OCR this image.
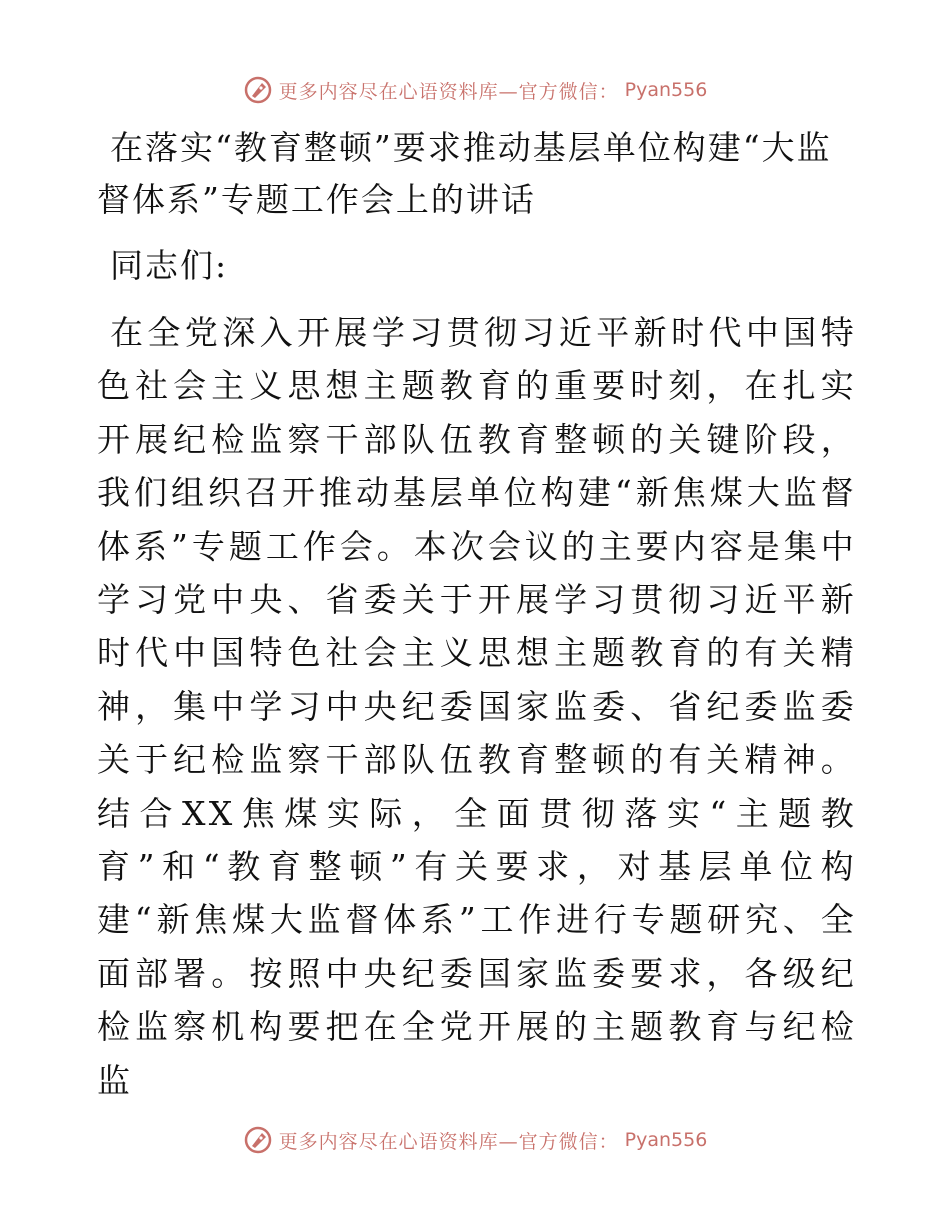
更多内容尽在心语资料库—官方微信： Pyan556
在落实“教育整顿”要求推动基层单位构建“大监督体系”专题工作会上的讲话

同志们:

在全党深入开展学习贯彻习近平新时代中国特色社会主义思想主题教育的重要时刻，在扎实开展纪检监察干部队伍教育整顿的关键阶段，我们组织召开推动基层单位构建“新焦煤大监督体系”专题工作会。本次会议的主要内容是集中学习党中央、省委关于开展学习贯彻习近平新时代中国特色社会主义思想主题教育的有关精神，集中学习中央纪委国家监委、省纪委监委关于纪检监察干部队伍教育整顿的有关精神。结合XX焦煤实际，全面贯彻落实“主题教育”和“教育整顿”有关要求，对基层单位构建“新焦煤大监督体系”工作进行专题研究、全面部署。按照中央纪委国家监委要求，各级纪检监察机构要把在全党开展的主题教育与纪检监

更多内容尽在心语资料库—官方微信： Pyan556
